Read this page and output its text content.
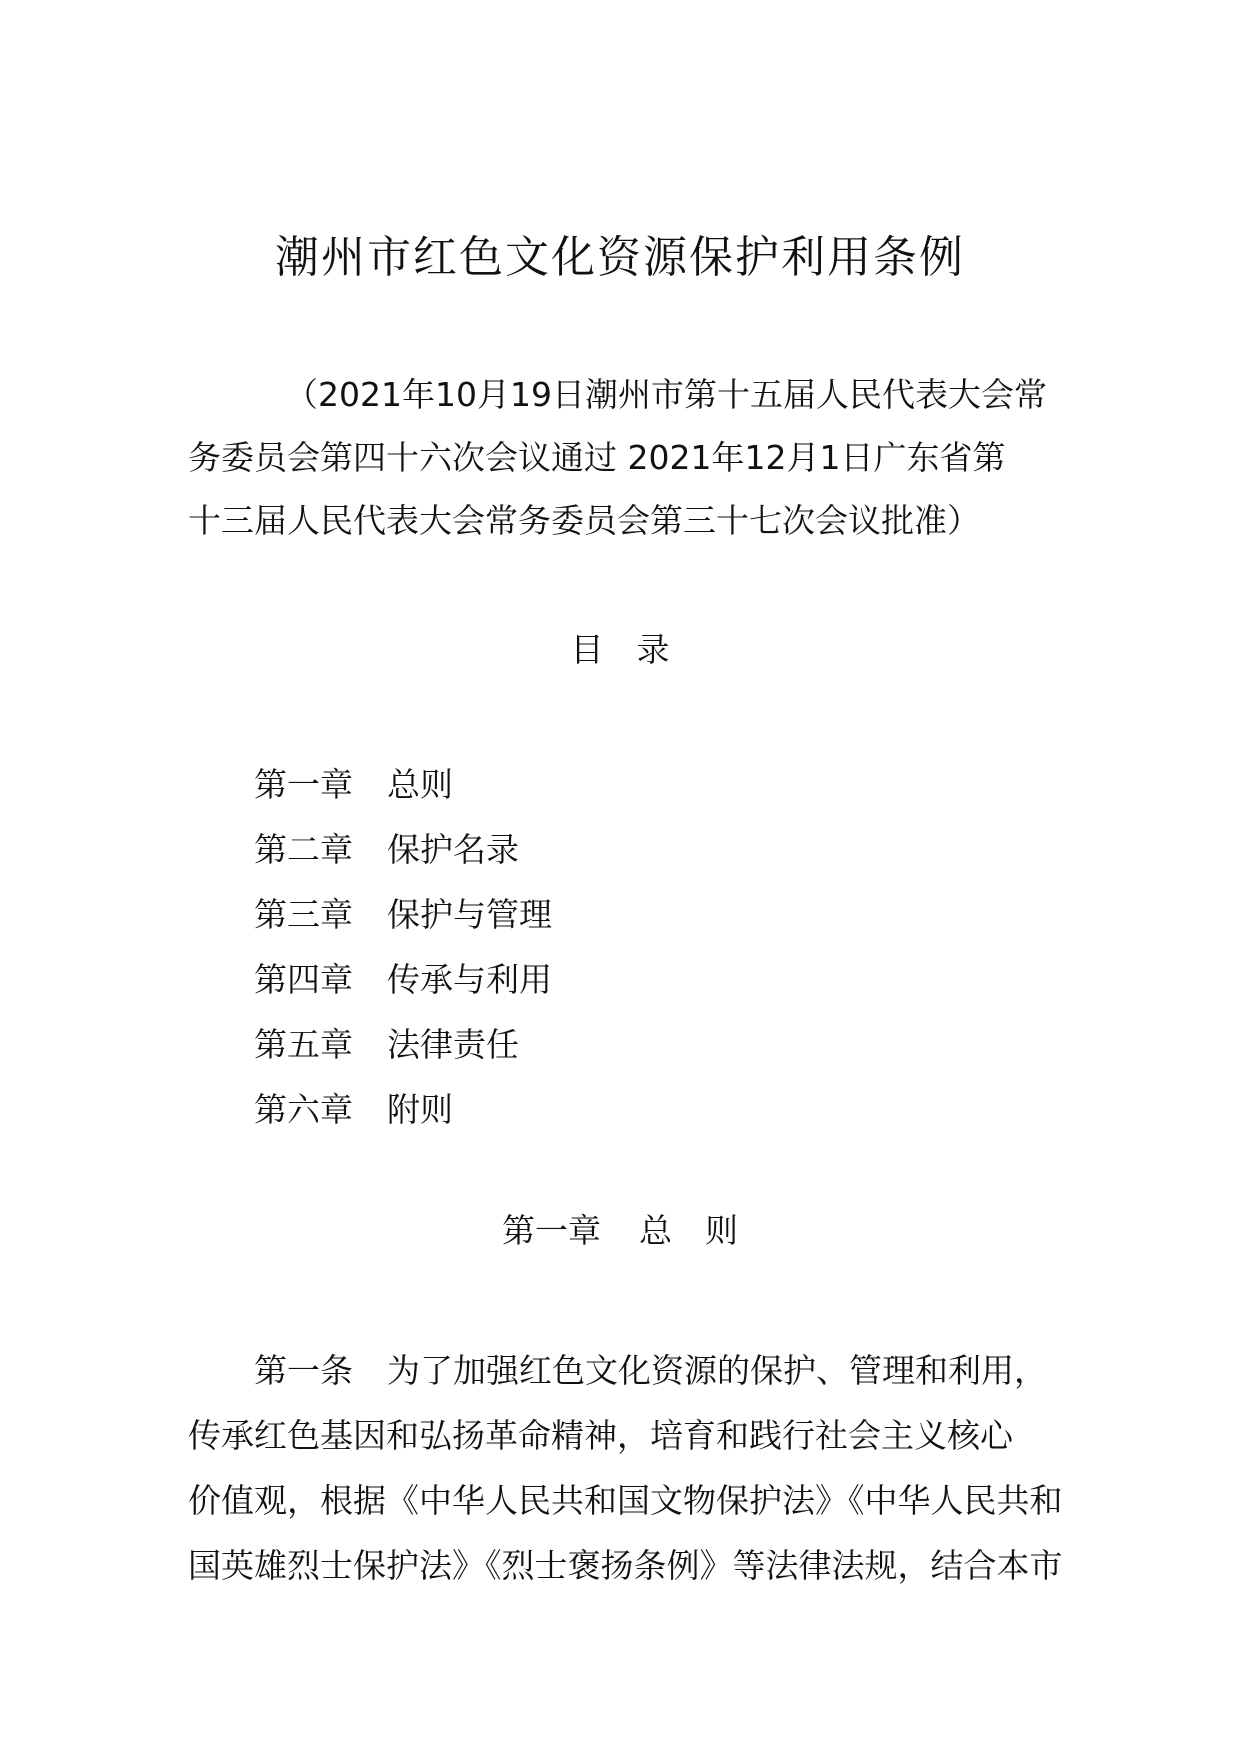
潮州市红色文化资源保护利用条例

（2021年10月19日潮州市第十五届人民代表大会常
务委员会第四十六次会议通过 2021年12月1日广东省第
十三届人民代表大会常务委员会第三十七次会议批准）

目录
第一章 总则
第二章 保护名录
第三章 保护与管理
第四章 传承与利用
第五章 法律责任
第六章 附则
第一章 总 则
第一条 为了加强红色文化资源的保护、管理和利用，
传承红色基因和弘扬革命精神，培育和践行社会主义核心
价值观，根据《中华人民共和国文物保护法》《中华人民共和
国英雄烈士保护法》《烈士褒扬条例》等法律法规，结合本市
